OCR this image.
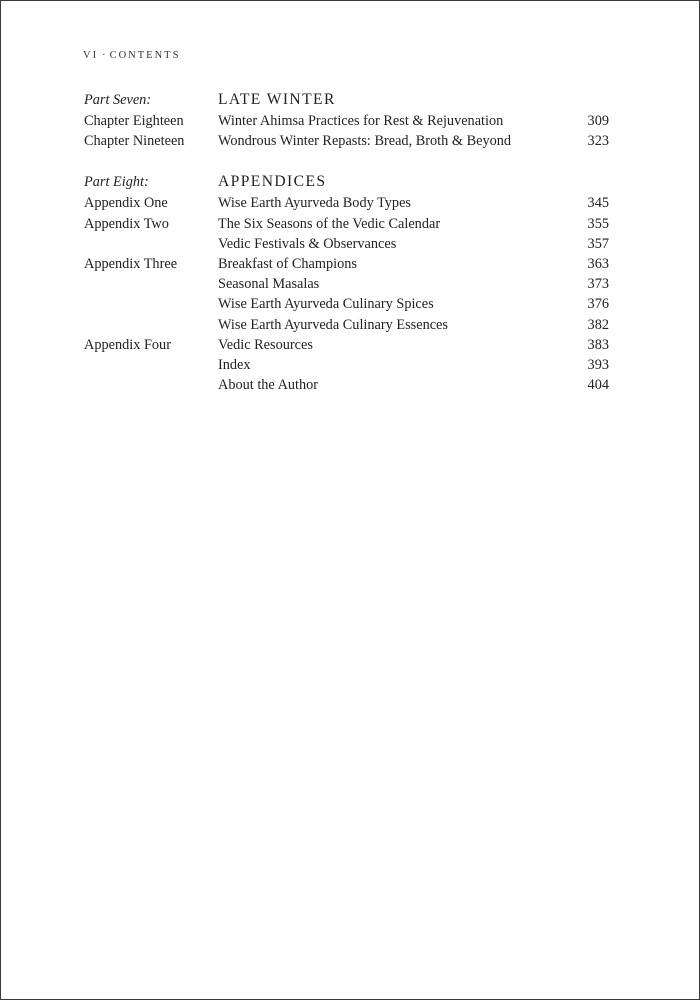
VI · CONTENTS
Part Seven:	LATE WINTER
Chapter Eighteen	Winter Ahimsa Practices for Rest & Rejuvenation	309
Chapter Nineteen	Wondrous Winter Repasts: Bread, Broth & Beyond	323
Part Eight:	APPENDICES
Appendix One	Wise Earth Ayurveda Body Types	345
Appendix Two	The Six Seasons of the Vedic Calendar	355
Vedic Festivals & Observances	357
Appendix Three	Breakfast of Champions	363
Seasonal Masalas	373
Wise Earth Ayurveda Culinary Spices	376
Wise Earth Ayurveda Culinary Essences	382
Appendix Four	Vedic Resources	383
Index	393
About the Author	404
